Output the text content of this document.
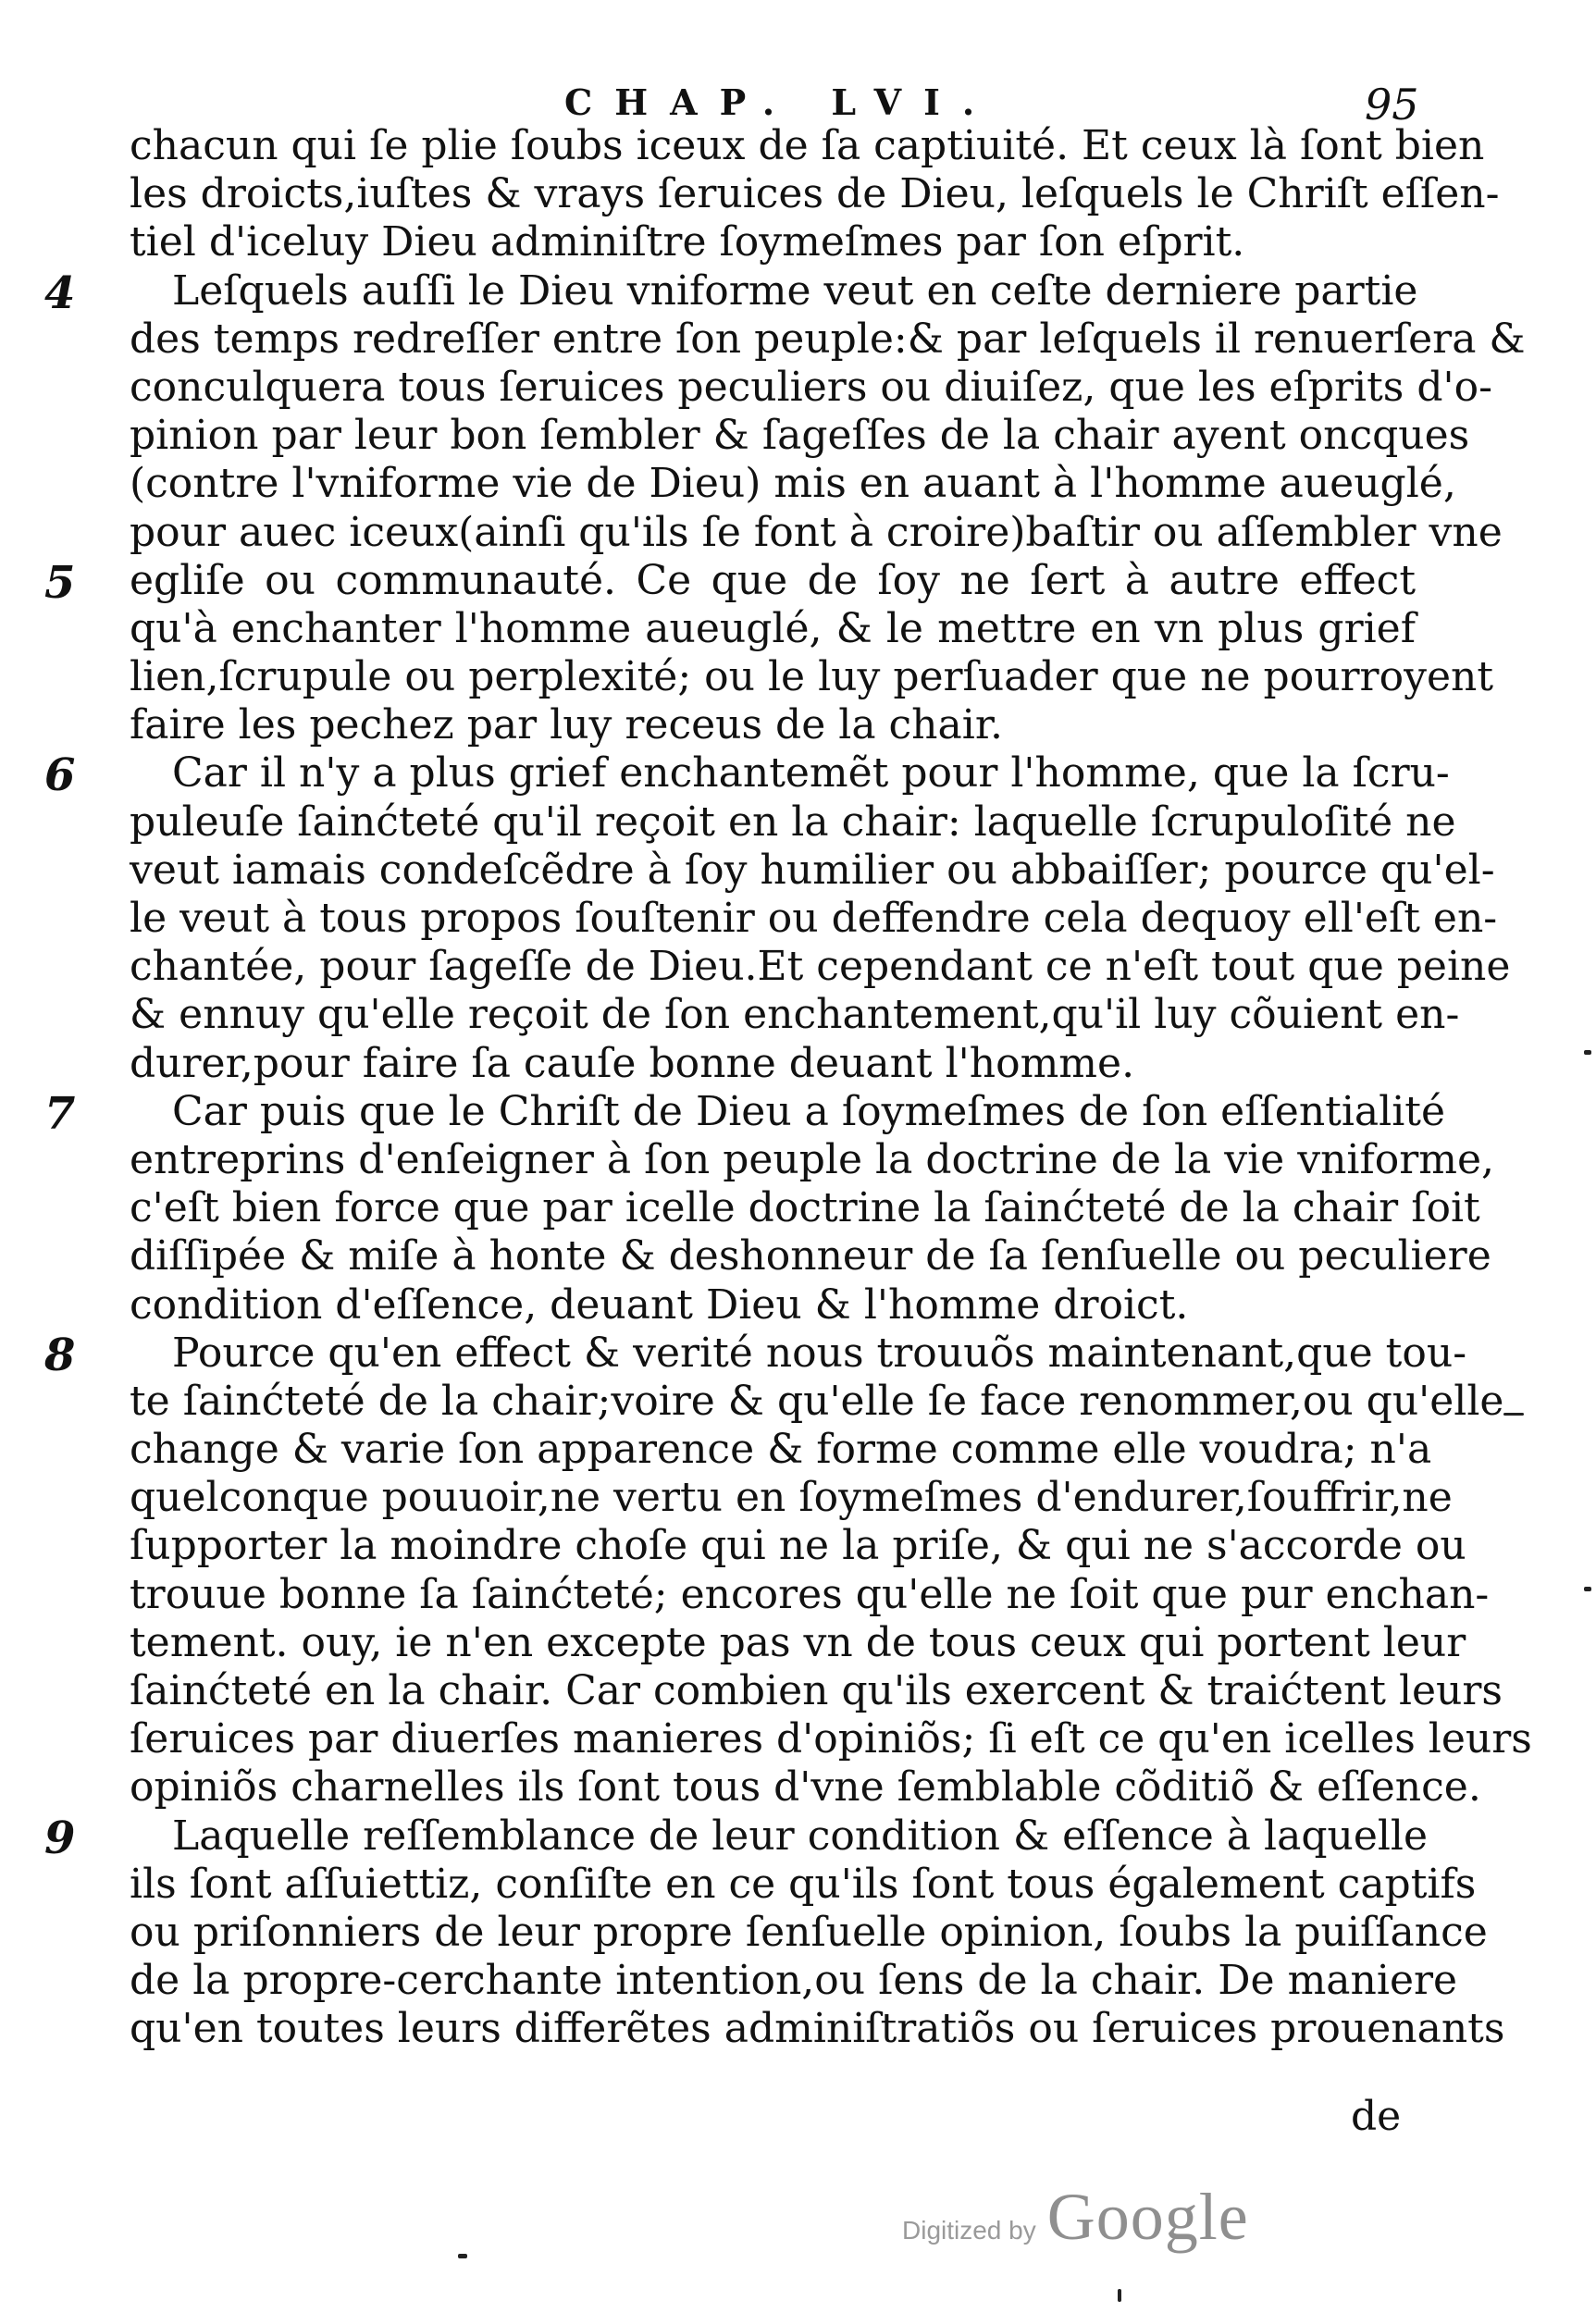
CHAP. LVI.	95
chacun qui ſe plie ſoubs iceux de ſa captiuité. Et ceux là ſont bien
les droicts,iuſtes & vrays ſeruices de Dieu, leſquels le Chriſt eſſen-
tiel d'iceluy Dieu adminiſtre ſoymeſmes par ſon eſprit.
4 Leſquels auſſi le Dieu vniforme veut en ceſte derniere partie
des temps redreſſer entre ſon peuple:& par leſquels il renuerſera &
conculquera tous ſeruices peculiers ou diuiſez, que les eſprits d'o-
pinion par leur bon ſembler & ſageſſes de la chair ayent oncques
(contre l'vniforme vie de Dieu) mis en auant à l'homme aueuglé,
pour auec iceux(ainſi qu'ils ſe font à croire)baſtir ou aſſembler vne
5 egliſe ou communauté. Ce que de ſoy ne ſert à autre effect
qu'à enchanter l'homme aueuglé, & le mettre en vn plus grief
lien,ſcrupule ou perplexité; ou le luy perſuader que ne pourroyent
faire les pechez par luy receus de la chair.
6 Car il n'y a plus grief enchantemẽt pour l'homme, que la ſcru-
puleuſe ſainćteté qu'il reçoit en la chair: laquelle ſcrupuloſité ne
veut iamais condeſcẽdre à ſoy humilier ou abbaiſſer; pource qu'el-
le veut à tous propos ſouſtenir ou deffendre cela dequoy ell'eſt en-
chantée, pour ſageſſe de Dieu.Et cependant ce n'eſt tout que peine
& ennuy qu'elle reçoit de ſon enchantement,qu'il luy cõuient en-
durer,pour faire ſa cauſe bonne deuant l'homme.
7 Car puis que le Chriſt de Dieu a ſoymeſmes de ſon eſſentialité
entreprins d'enſeigner à ſon peuple la doctrine de la vie vniforme,
c'eſt bien force que par icelle doctrine la ſainćteté de la chair ſoit
diſſipée & miſe à honte & deshonneur de ſa ſenſuelle ou peculiere
condition d'eſſence, deuant Dieu & l'homme droict.
8 Pource qu'en effect & verité nous trouuõs maintenant,que tou-
te ſainćteté de la chair;voire & qu'elle ſe face renommer,ou qu'elle
change & varie ſon apparence & forme comme elle voudra; n'a
quelconque pouuoir,ne vertu en ſoymeſmes d'endurer,ſouffrir,ne
ſupporter la moindre choſe qui ne la priſe, & qui ne s'accorde ou
trouue bonne ſa ſainćteté; encores qu'elle ne ſoit que pur enchan-
tement. ouy, ie n'en excepte pas vn de tous ceux qui portent leur
ſainćteté en la chair. Car combien qu'ils exercent & traićtent leurs
ſeruices par diuerſes manieres d'opiniõs; ſi eſt ce qu'en icelles leurs
opiniõs charnelles ils ſont tous d'vne ſemblable cõditiõ & eſſence.
9 Laquelle reſſemblance de leur condition & eſſence à laquelle
ils ſont aſſuiettiz, conſiſte en ce qu'ils ſont tous également captifs
ou priſonniers de leur propre ſenſuelle opinion, ſoubs la puiſſance
de la propre-cerchante intention,ou ſens de la chair. De maniere
qu'en toutes leurs differẽtes adminiſtratiõs ou ſeruices prouenants
de
Digitized by Google
